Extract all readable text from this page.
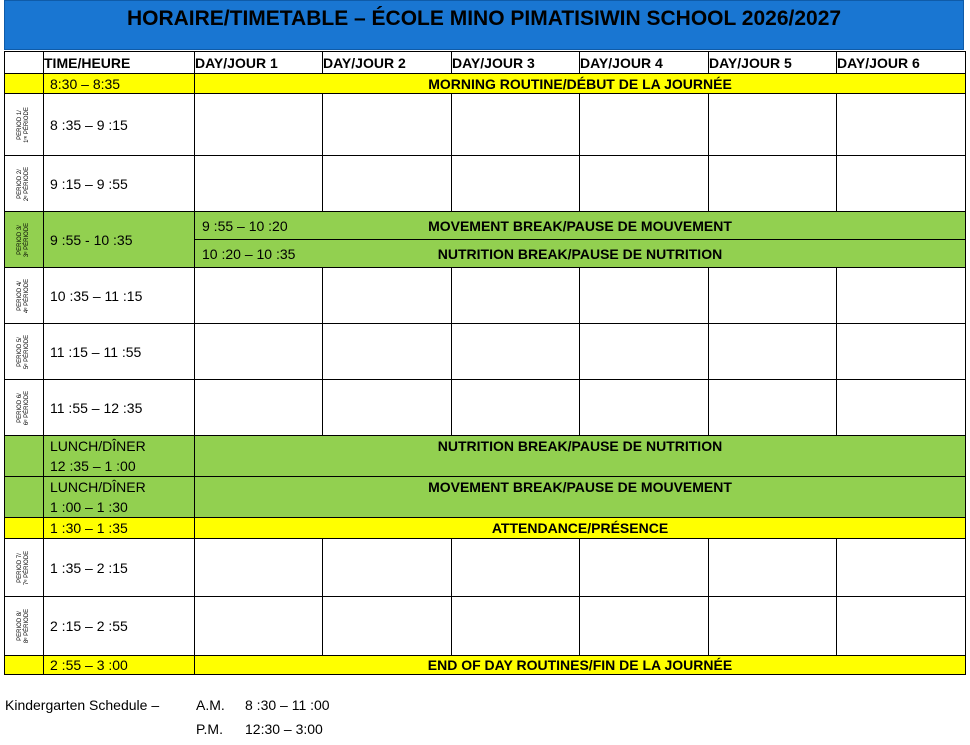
HORAIRE/TIMETABLE – ÉCOLE MINO PIMATISIWIN SCHOOL 2026/2027
	TIME/HEURE	DAY/JOUR 1	DAY/JOUR 2	DAY/JOUR 3	DAY/JOUR 4	DAY/JOUR 5	DAY/JOUR 6
	8:30 – 8:35	MORNING ROUTINE/DÉBUT DE LA JOURNÉE					

PERIOD 1/
1ʳᵉ PÉRIODE	8 :35 – 9 :15						

PERIOD 2/
2ᵉ PÉRIODE	9 :15 – 9 :55						

PERIOD 3/
3ᵉ PÉRIODE	9 :55 - 10 :35	9 :55 – 10 :20 MOVEMENT BREAK/PAUSE DE MOUVEMENT					

		10 :20 – 10 :35 NUTRITION BREAK/PAUSE DE NUTRITION					

PERIOD 4/
4ᵉ PÉRIODE	10 :35 – 11 :15						

PERIOD 5/
5ᵉ PÉRIODE	11 :15 – 11 :55						

PERIOD 6/
6ᵉ PÉRIODE	11 :55 – 12 :35						
	LUNCH/DÎNER
12 :35 – 1 :00	NUTRITION BREAK/PAUSE DE NUTRITION					
	LUNCH/DÎNER
1 :00 – 1 :30	MOVEMENT BREAK/PAUSE DE MOUVEMENT					
	1 :30 – 1 :35	ATTENDANCE/PRÉSENCE					

PERIOD 7/
7ᵉ PÉRIODE	1 :35 – 2 :15						

PERIOD 8/
8ᵉ PÉRIODE	2 :15 – 2 :55						
	2 :55 – 3 :00	END OF DAY ROUTINES/FIN DE LA JOURNÉE					
Kindergarten Schedule –	A.M. 8 :30 – 11 :00
P.M. 12:30 – 3:00
